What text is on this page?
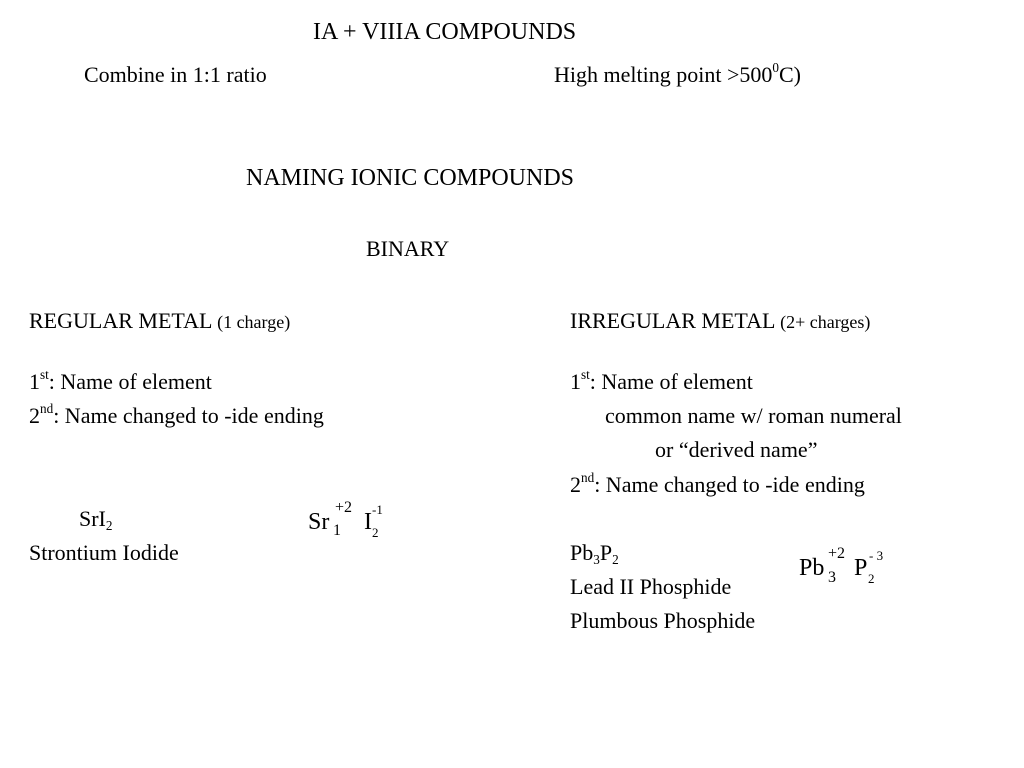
IA + VIIIA COMPOUNDS
Combine in 1:1 ratio	High melting point $>500^0C$)
NAMING IONIC COMPOUNDS
BINARY
REGULAR METAL (1 charge)
1st: Name of element
2nd: Name changed to -ide ending
SrI$_2$
Strontium Iodide
Sr
+2
1 I -1
2
IRREGULAR METAL (2+ charges)
1st: Name of element
common name w/ roman numeral
or “derived name”
2nd: Name changed to -ide ending
$Pb_3P_2$
Lead II Phosphide
Plumbous Phosphide
Pb
+2
3 P - 3
2
